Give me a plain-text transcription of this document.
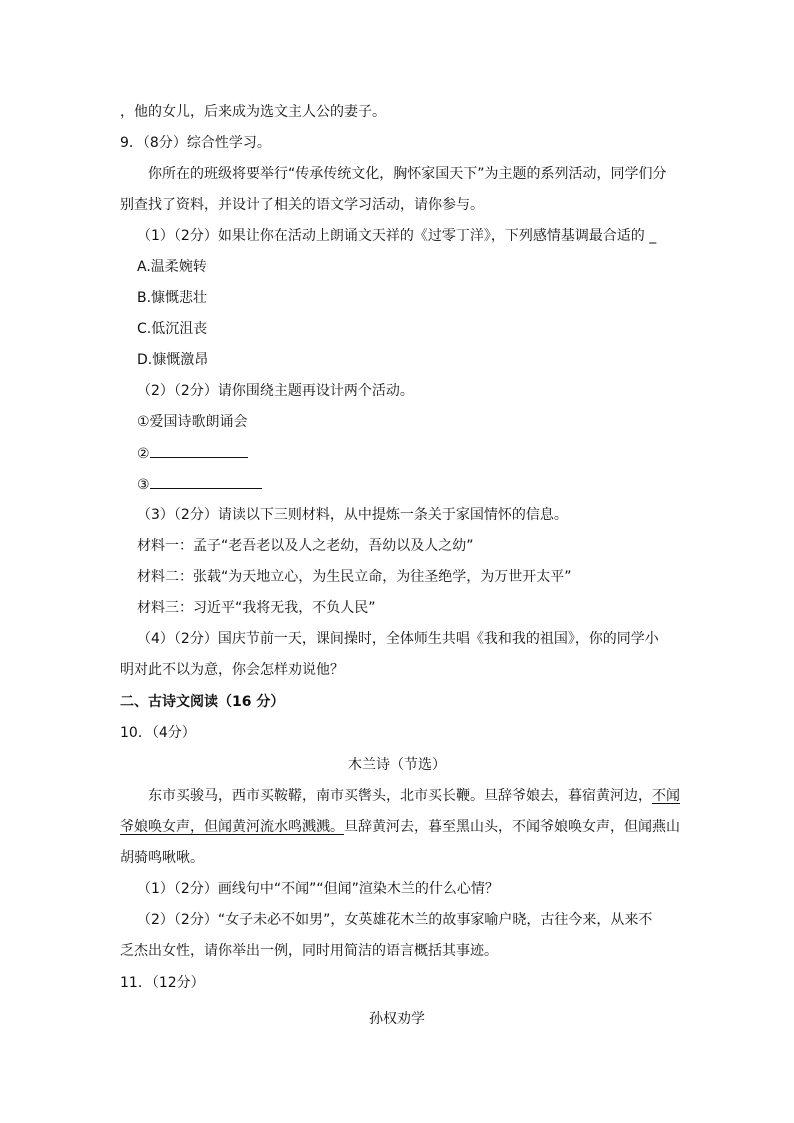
，他的女儿，后来成为选文主人公的妻子。
9．（8分）综合性学习。
你所在的班级将要举行“传承传统文化，胸怀家国天下”为主题的系列活动，同学们分
别查找了资料，并设计了相关的语文学习活动，请你参与。
（1）（2分）如果让你在活动上朗诵文天祥的《过零丁洋》，下列感情基调最合适的 _
A.温柔婉转
B.慷慨悲壮
C.低沉沮丧
D.慷慨激昂
（2）（2分）请你围绕主题再设计两个活动。
①爱国诗歌朗诵会
②
③
（3）（2分）请读以下三则材料，从中提炼一条关于家国情怀的信息。
材料一：孟子“老吾老以及人之老幼，吾幼以及人之幼”
材料二：张载“为天地立心，为生民立命，为往圣绝学，为万世开太平”
材料三：习近平“我将无我，不负人民”
（4）（2分）国庆节前一天，课间操时，全体师生共唱《我和我的祖国》，你的同学小
明对此不以为意，你会怎样劝说他？
二、古诗文阅读（16 分）
10．（4分）
木兰诗（节选）
东市买骏马，西市买鞍鞯，南市买辔头，北市买长鞭。旦辞爷娘去，暮宿黄河边，不闻
爷娘唤女声，但闻黄河流水鸣溅溅。旦辞黄河去，暮至黑山头，不闻爷娘唤女声，但闻燕山
胡骑鸣啾啾。
（1）（2分）画线句中“不闻”“但闻”渲染木兰的什么心情？
（2）（2分）“女子未必不如男”，女英雄花木兰的故事家喻户晓，古往今来，从来不
乏杰出女性，请你举出一例，同时用简洁的语言概括其事迹。
11．（12分）
孙权劝学
